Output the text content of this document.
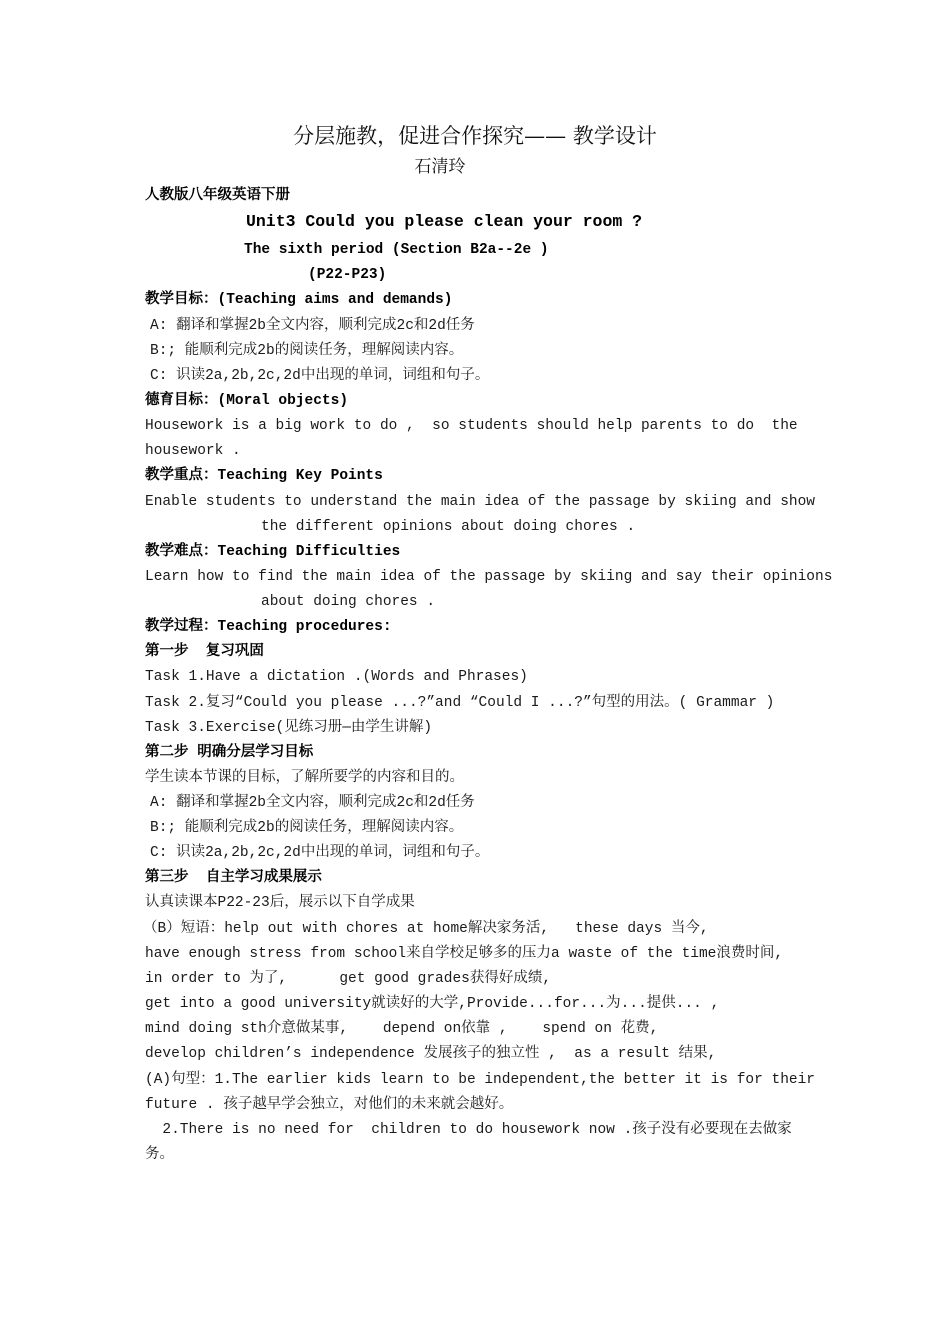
分层施教，促进合作探究—— 教学设计
石清玲
人教版八年级英语下册
Unit3 Could you please clean your room ?
The sixth period (Section B2a--2e )
(P22-P23)
教学目标：(Teaching aims and demands)
A: 翻译和掌握2b全文内容，顺利完成2c和2d任务
B:; 能顺利完成2b的阅读任务，理解阅读内容。
C: 识读2a,2b,2c,2d中出现的单词，词组和句子。
德育目标：(Moral objects)
Housework is a big work to do ,  so students should help parents to do  the
housework .
教学重点：Teaching Key Points
Enable students to understand the main idea of the passage by skiing and show
the different opinions about doing chores .
教学难点：Teaching Difficulties
Learn how to find the main idea of the passage by skiing and say their opinions
about doing chores .
教学过程：Teaching procedures:
第一步  复习巩固
Task 1.Have a dictation .(Words and Phrases)
Task 2.复习“Could you please ...?”and “Could I ...?”句型的用法。( Grammar )
Task 3.Exercise(见练习册—由学生讲解)
第二步 明确分层学习目标
学生读本节课的目标，了解所要学的内容和目的。
A: 翻译和掌握2b全文内容，顺利完成2c和2d任务
B:; 能顺利完成2b的阅读任务，理解阅读内容。
C: 识读2a,2b,2c,2d中出现的单词，词组和句子。
第三步  自主学习成果展示
认真读课本P22-23后，展示以下自学成果
（B）短语：help out with chores at home解决家务活,   these days 当今,
have enough stress from school来自学校足够多的压力a waste of the time浪费时间,
in order to 为了,      get good grades获得好成绩,
get into a good university就读好的大学,Provide...for...为...提供... ,
mind doing sth介意做某事,    depend on依靠 ,    spend on 花费,
develop children’s independence 发展孩子的独立性 ,  as a result 结果,
(A)句型：1.The earlier kids learn to be independent,the better it is for their
future . 孩子越早学会独立，对他们的未来就会越好。
2.There is no need for  children to do housework now .孩子没有必要现在去做家
务。
